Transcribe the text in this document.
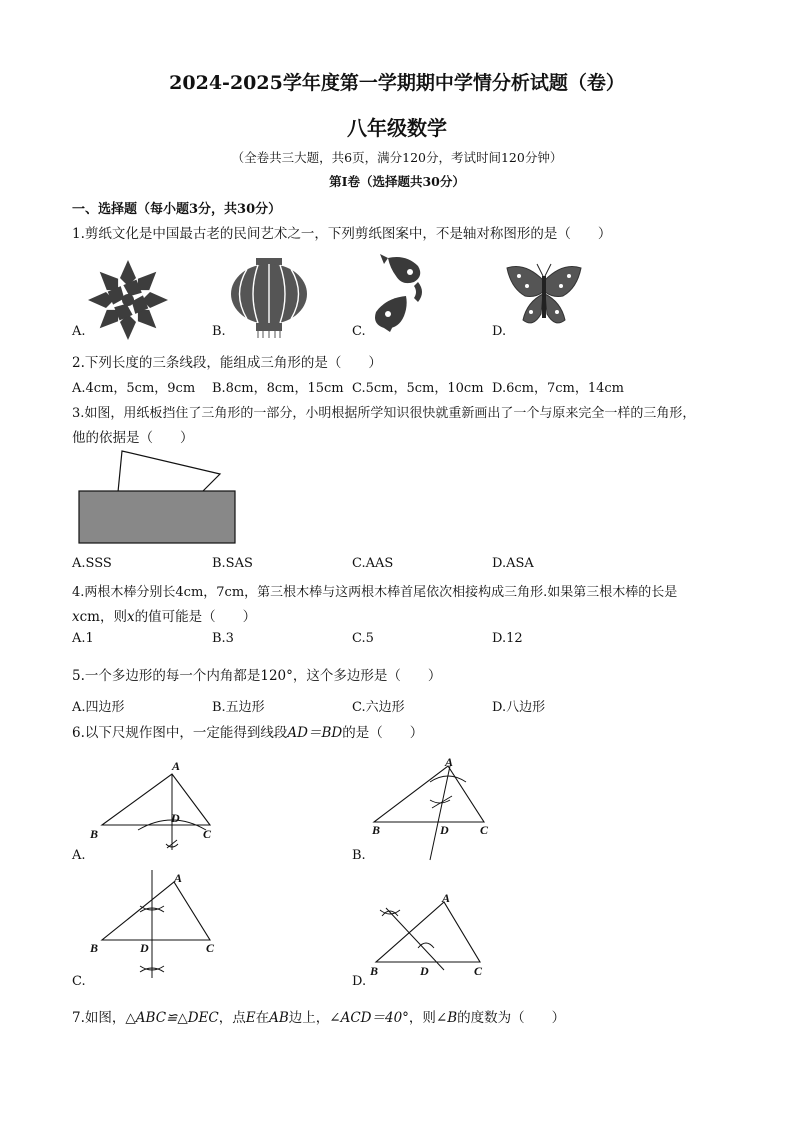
2024-2025学年度第一学期期中学情分析试题（卷）
八年级数学
（全卷共三大题，共6页，满分120分，考试时间120分钟）
第Ⅰ卷（选择题共30分）
一、选择题（每小题3分，共30分）
1.剪纸文化是中国最古老的民间艺术之一，下列剪纸图案中，不是轴对称图形的是（　　）
A.	B.	C.	D.
2.下列长度的三条线段，能组成三角形的是（　　）
A.4cm，5cm，9cm B.8cm，8cm，15cm C.5cm，5cm，10cm D.6cm，7cm，14cm
3.如图，用纸板挡住了三角形的一部分，小明根据所学知识很快就重新画出了一个与原来完全一样的三角形，
他的依据是（　　）
A.SSS	B.SAS	C.AAS	D.ASA
4.两根木棒分别长4cm，7cm，第三根木棒与这两根木棒首尾依次相接构成三角形.如果第三根木棒的长是
xcm，则x的值可能是（　　）
A.1	B.3	C.5	D.12
5.一个多边形的每一个内角都是120°，这个多边形是（　　）
A.四边形	B.五边形	C.六边形	D.八边形
6.以下尺规作图中，一定能得到线段AD＝BD的是（　　）
A
B	C
D
A.
A
B	C
D
B.
A
B	C
D
C.
A
B	C
D
D.
7.如图，△ABC≌△DEC，点E在AB边上，∠ACD＝40°，则∠B的度数为（　　）
